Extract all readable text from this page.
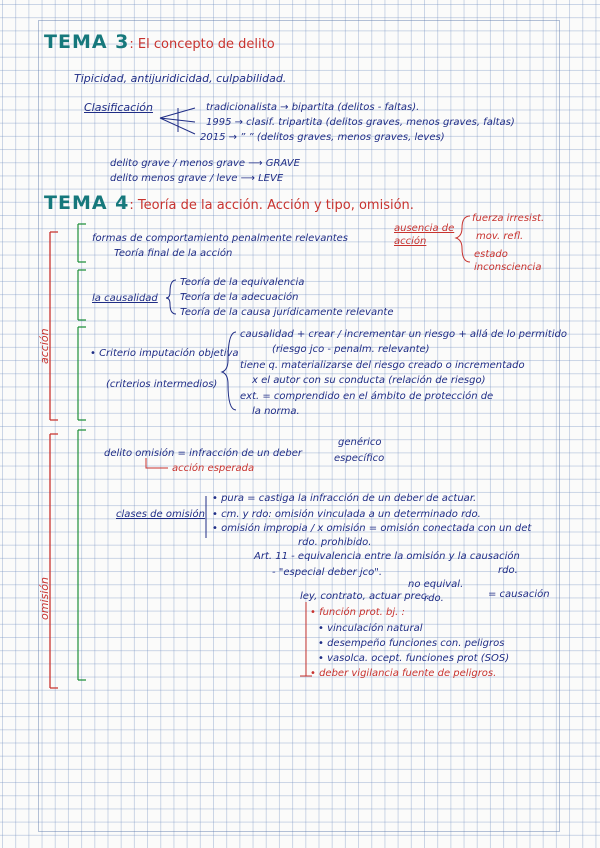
TEMA 3: El concepto de delito
Tipicidad, antijuridicidad, culpabilidad.
Clasificación	tradicionalista → bipartita (delitos - faltas).
1995 → clasif. tripartita (delitos graves, menos graves, faltas)
2015 → ” ” (delitos graves, menos graves, leves)
delito grave / menos grave ⟶ GRAVE
delito menos grave / leve ⟶ LEVE
TEMA 4: Teoría de la acción. Acción y tipo, omisión.
ausencia de acción
fuerza irresist.
mov. refl.
estado inconsciencia
acción
omisión
formas de comportamiento penalmente relevantes
Teoría final de la acción
la causalidad
Teoría de la equivalencia
Teoría de la adecuación
Teoría de la causa jurídicamente relevante
• Criterio imputación objetiva
(criterios intermedios)
causalidad + crear / incrementar un riesgo + allá de lo permitido
(riesgo jco - penalm. relevante)
tiene q. materializarse del riesgo creado o incrementado
x el autor con su conducta (relación de riesgo)
ext. = comprendido en el ámbito de protección de
la norma.
delito omisión = infracción de un deber
genérico
específico
acción esperada
clases de omisión
• pura = castiga la infracción de un deber de actuar.
• cm. y rdo: omisión vinculada a un determinado rdo.
• omisión impropia / x omisión = omisión conectada con un det
rdo. prohibido.
Art. 11 - equivalencia entre la omisión y la causación
rdo.
- "especial deber jco".
no equival.
rdo.	= causación
ley, contrato, actuar prec.
• función prot. bj. :
• vinculación natural
• desempeño funciones con. peligros
• vasolca. ocept. funciones prot (SOS)
• deber vigilancia fuente de peligros.
